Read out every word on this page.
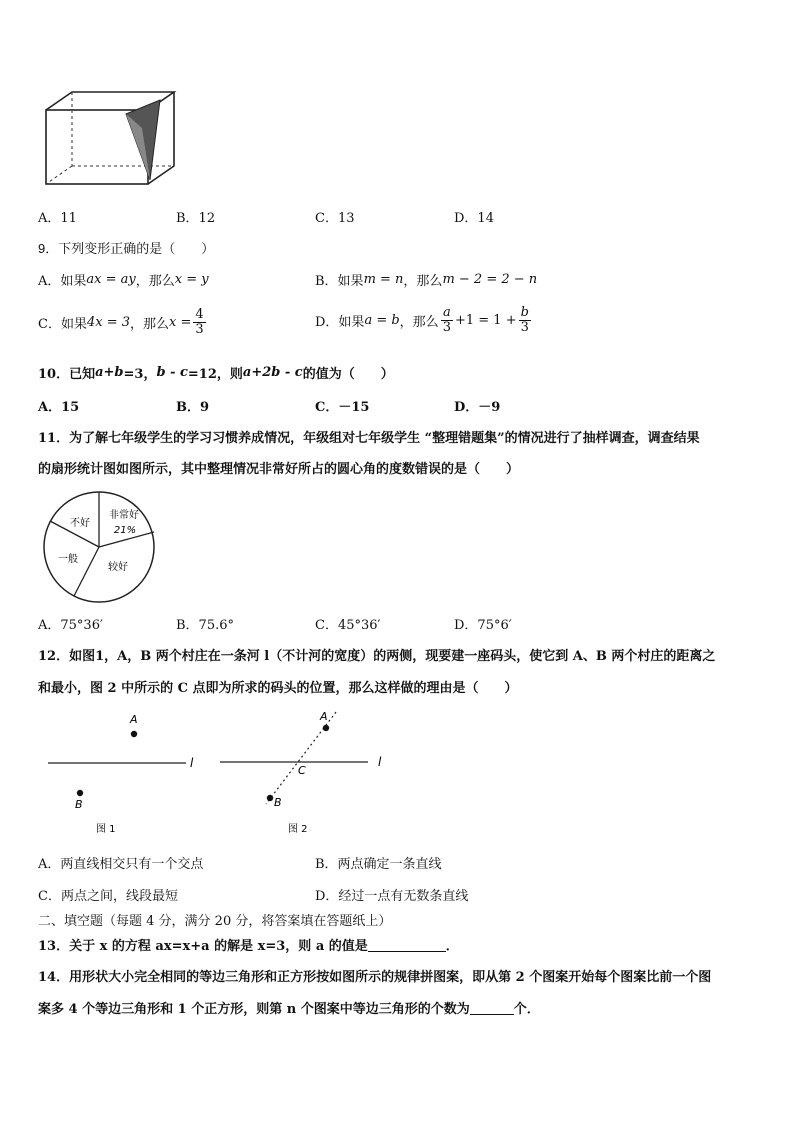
A．11	B．12	C．13	D．14
9．下列变形正确的是（　　）
A．如果 ax = ay ，那么 x = y	B．如果 m = n ，那么 m − 2 = 2 − n
C．如果 4x = 3 ，那么 $x = \frac{4}{3}$	D．如果 a = b ，那么 $\frac{a}{3} +1 = 1 + \frac{b}{3}$
10．已知 a+b =3， b - c =12，则 a+2b - c 的值为（　　）
A．15	B．9	C．－15	D．－9
11．为了解七年级学生的学习习惯养成情况，年级组对七年级学生 “整理错题集”的情况进行了抽样调查，调查结果
的扇形统计图如图所示，其中整理情况非常好所占的圆心角的度数错误的是（　　）
不好
非常好
21%
一般
较好
A．75°36′	B．75.6°	C．45°36′	D．75°6′
12．如图1，A，B 两个村庄在一条河 l（不计河的宽度）的两侧，现要建一座码头，使它到 A、B 两个村庄的距离之
和最小，图 2 中所示的 C 点即为所求的码头的位置，那么这样做的理由是（　　）
A
B
l
图 1
A
B
C
l
图 2
A．两直线相交只有一个交点	B．两点确定一条直线
C．两点之间，线段最短	D．经过一点有无数条直线
二、填空题（每题 4 分，满分 20 分，将答案填在答题纸上）
13．关于 x 的方程 ax=x+a 的解是 x=3，则 a 的值是	．
14．用形状大小完全相同的等边三角形和正方形按如图所示的规律拼图案，即从第 2 个图案开始每个图案比前一个图
案多 4 个等边三角形和 1 个正方形，则第 n 个图案中等边三角形的个数为	个．
